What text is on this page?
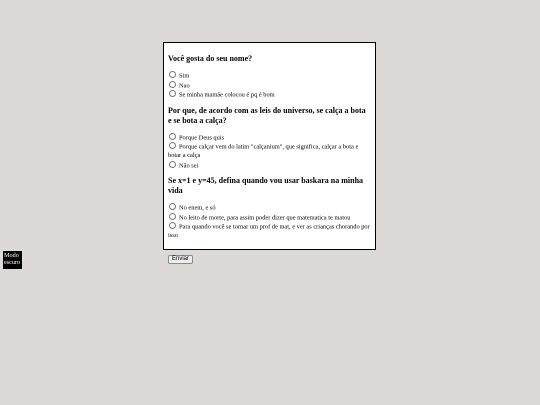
Você gosta do seu nome?
Sim
Nao
Se minha mamãe colocou é pq é bom
Por que, de acordo com as leis do universo, se calça a bota e se bota a calça?
Porque Deus quis
Porque calçar vem do latim "calçanium", que significa, calçar a bota e botar a calça
Não sei
Se x=1 e y=45, defina quando vou usar baskara na minha vida
No enem, e só
No leito de morte, para assim poder dizer que matematica te matou
Para quando você se tornar um prof de mat, e ver as crianças chorando por isso
Enviar
Modo escuro
